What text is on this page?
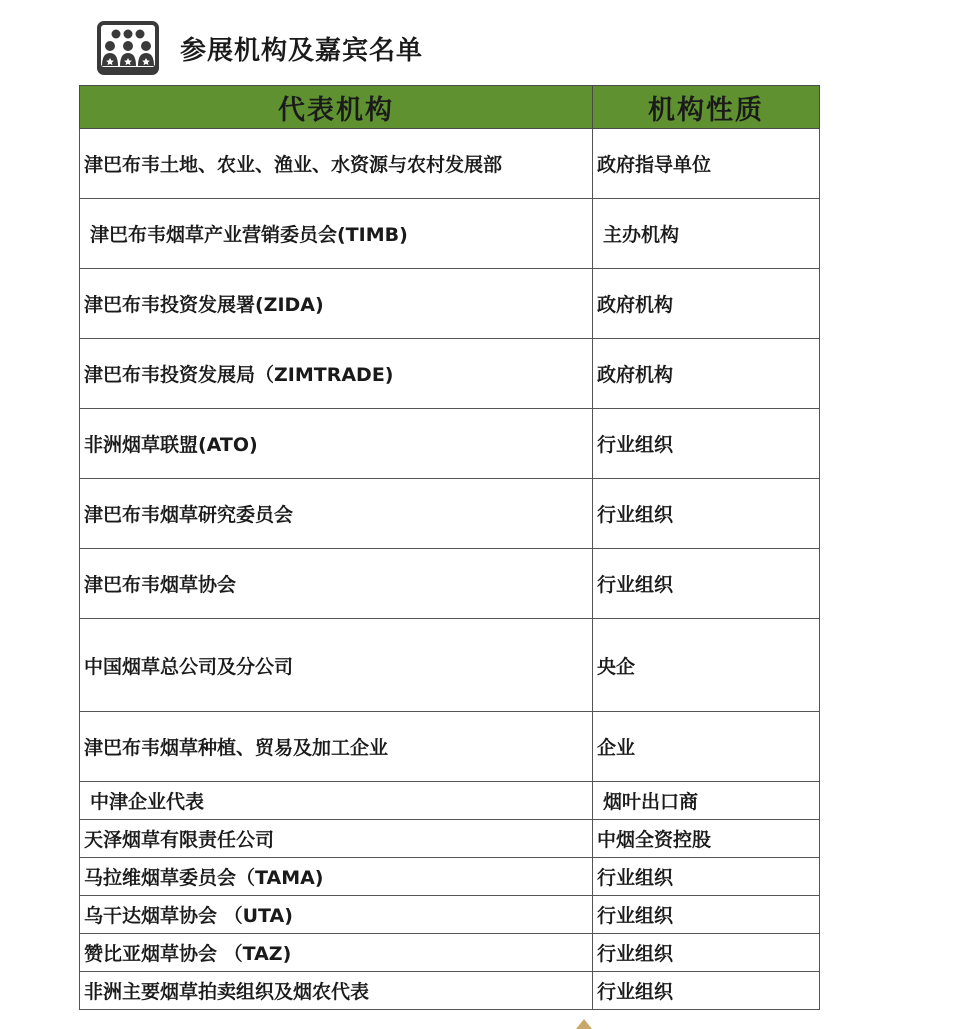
参展机构及嘉宾名单
代表机构	机构性质
津巴布韦土地、农业、渔业、水资源与农村发展部	政府指导单位
津巴布韦烟草产业营销委员会(TIMB)	主办机构
津巴布韦投资发展署(ZIDA)	政府机构
津巴布韦投资发展局（ZIMTRADE)	政府机构
非洲烟草联盟(ATO)	行业组织
津巴布韦烟草研究委员会	行业组织
津巴布韦烟草协会	行业组织
中国烟草总公司及分公司	央企
津巴布韦烟草种植、贸易及加工企业	企业
中津企业代表	烟叶出口商
天泽烟草有限责任公司	中烟全资控股
马拉维烟草委员会（TAMA)	行业组织
乌干达烟草协会 （UTA)	行业组织
赞比亚烟草协会 （TAZ)	行业组织
非洲主要烟草拍卖组织及烟农代表	行业组织
